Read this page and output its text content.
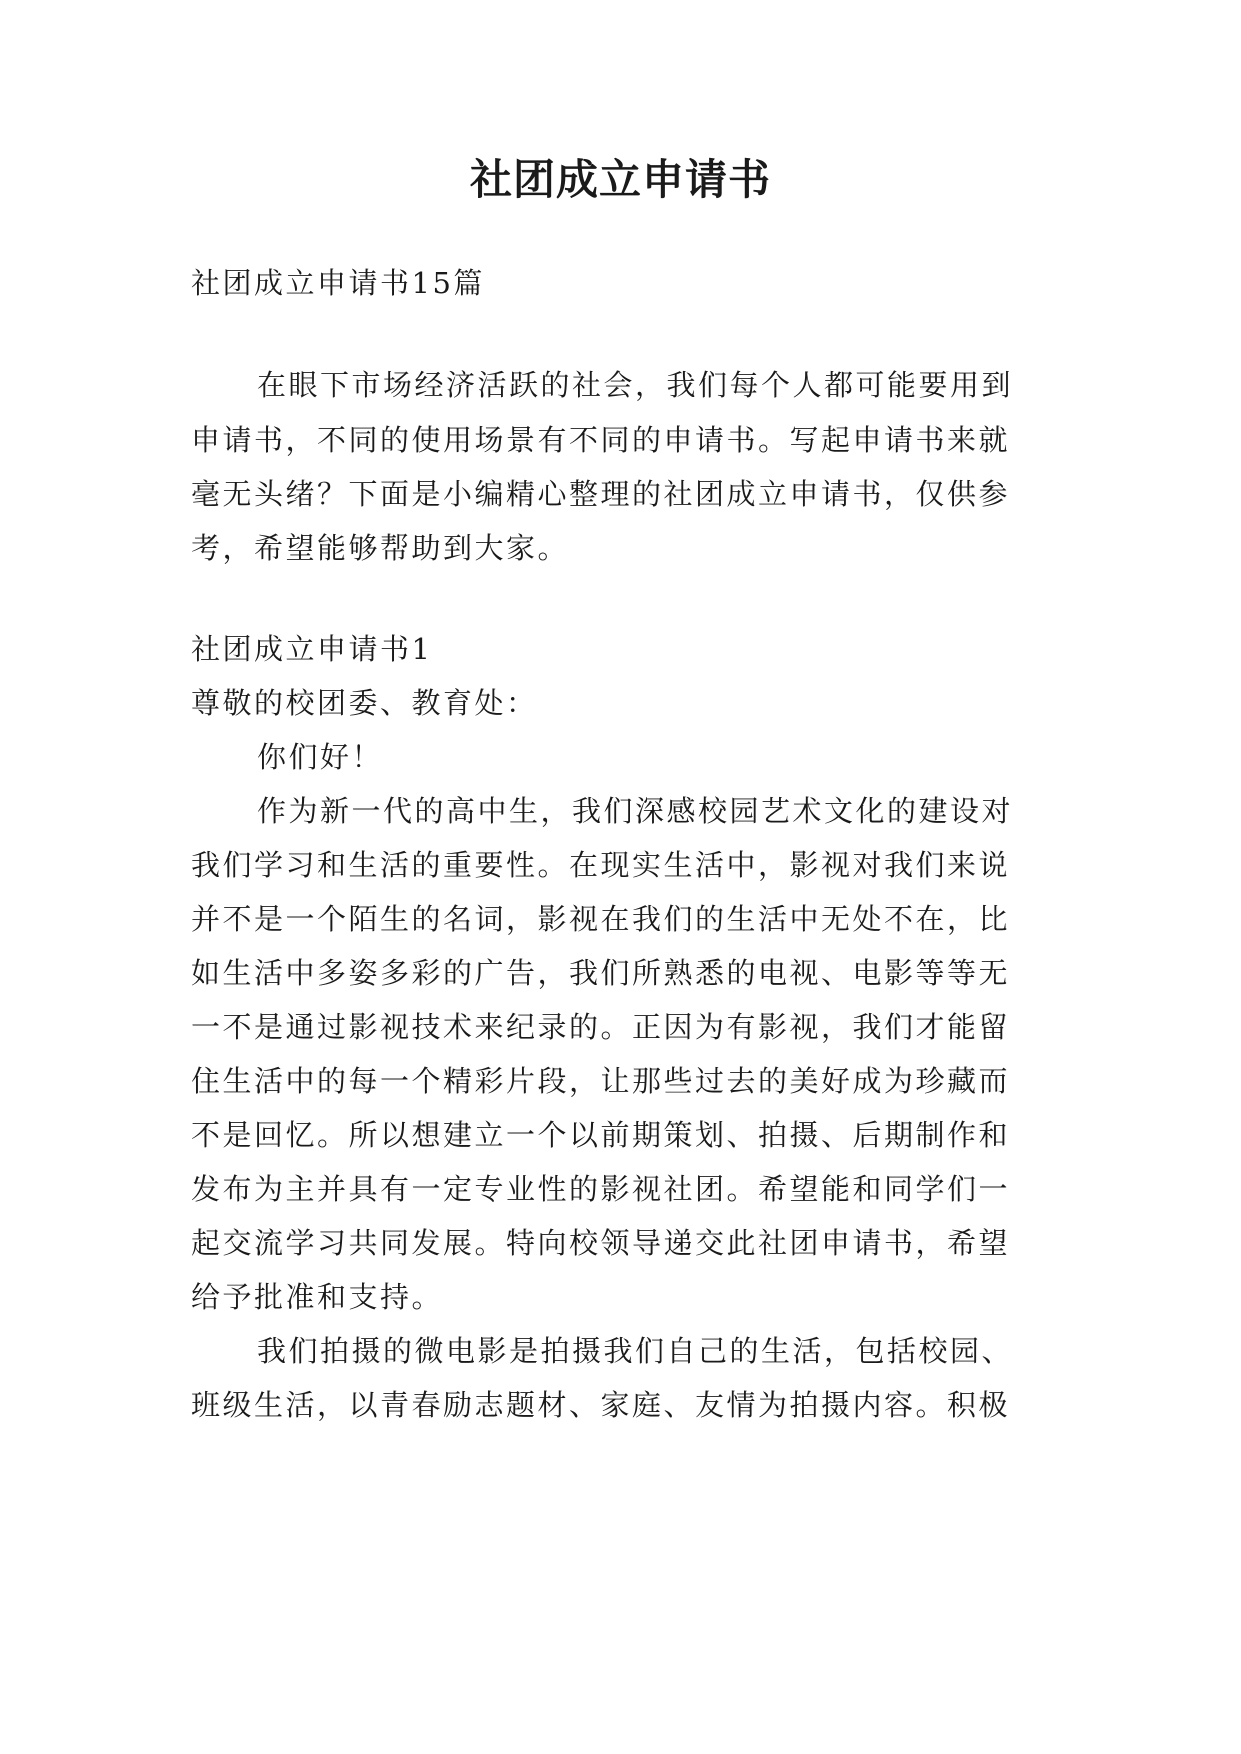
社团成立申请书
社团成立申请书15篇
在眼下市场经济活跃的社会，我们每个人都可能要用到
申请书，不同的使用场景有不同的申请书。写起申请书来就
毫无头绪？下面是小编精心整理的社团成立申请书，仅供参
考，希望能够帮助到大家。
社团成立申请书1
尊敬的校团委、教育处：
你们好！
作为新一代的高中生，我们深感校园艺术文化的建设对
我们学习和生活的重要性。在现实生活中，影视对我们来说
并不是一个陌生的名词，影视在我们的生活中无处不在，比
如生活中多姿多彩的广告，我们所熟悉的电视、电影等等无
一不是通过影视技术来纪录的。正因为有影视，我们才能留
住生活中的每一个精彩片段，让那些过去的美好成为珍藏而
不是回忆。所以想建立一个以前期策划、拍摄、后期制作和
发布为主并具有一定专业性的影视社团。希望能和同学们一
起交流学习共同发展。特向校领导递交此社团申请书，希望
给予批准和支持。
我们拍摄的微电影是拍摄我们自己的生活，包括校园、
班级生活，以青春励志题材、家庭、友情为拍摄内容。积极
